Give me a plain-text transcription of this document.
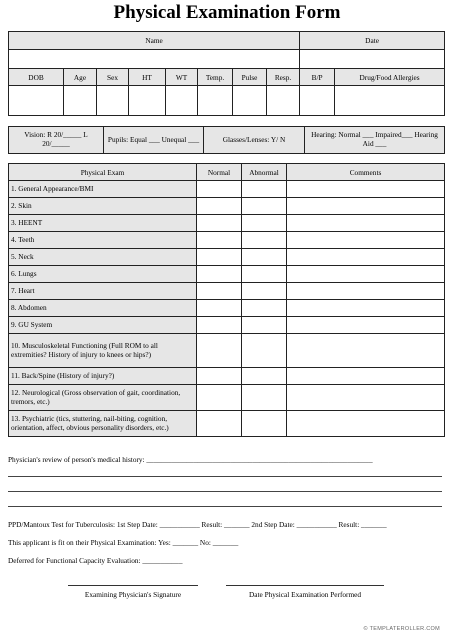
Physical Examination Form
Name								Date	

DOB	Age	Sex	HT	WT	Temp.	Pulse	Resp.	B/P	Drug/Food Allergies

Vision: R 20/_____ L 20/_____	Pupils: Equal ___ Unequal ___	Glasses/Lenses: Y/ N	Hearing: Normal ___ Impaired___ Hearing Aid ___
Physical Exam	Normal	Abnormal	Comments
1. General Appearance/BMI			
2. Skin			
3. HEENT			
4. Teeth			
5. Neck			
6. Lungs			
7. Heart			
8. Abdomen			
9. GU System			
10. Musculoskeletal Functioning (Full ROM to all extremities? History of injury to knees or hips?)			
11. Back/Spine (History of injury?)			
12. Neurological (Gross observation of gait, coordination, tremors, etc.)			
13. Psychiatric (tics, stuttering, nail-biting, cognition, orientation, affect, obvious personality disorders, etc.)			
Physician's review of person's medical history: ______________________________________________________________
PPD/Mantoux Test for Tuberculosis: 1st Step Date: ___________ Result: _______ 2nd Step Date: ___________ Result: _______
This applicant is fit on their Physical Examination: Yes: _______ No: _______
Deferred for Functional Capacity Evaluation: ___________
Examining Physician's Signature	Date Physical Examination Performed
© TEMPLATEROLLER.COM
